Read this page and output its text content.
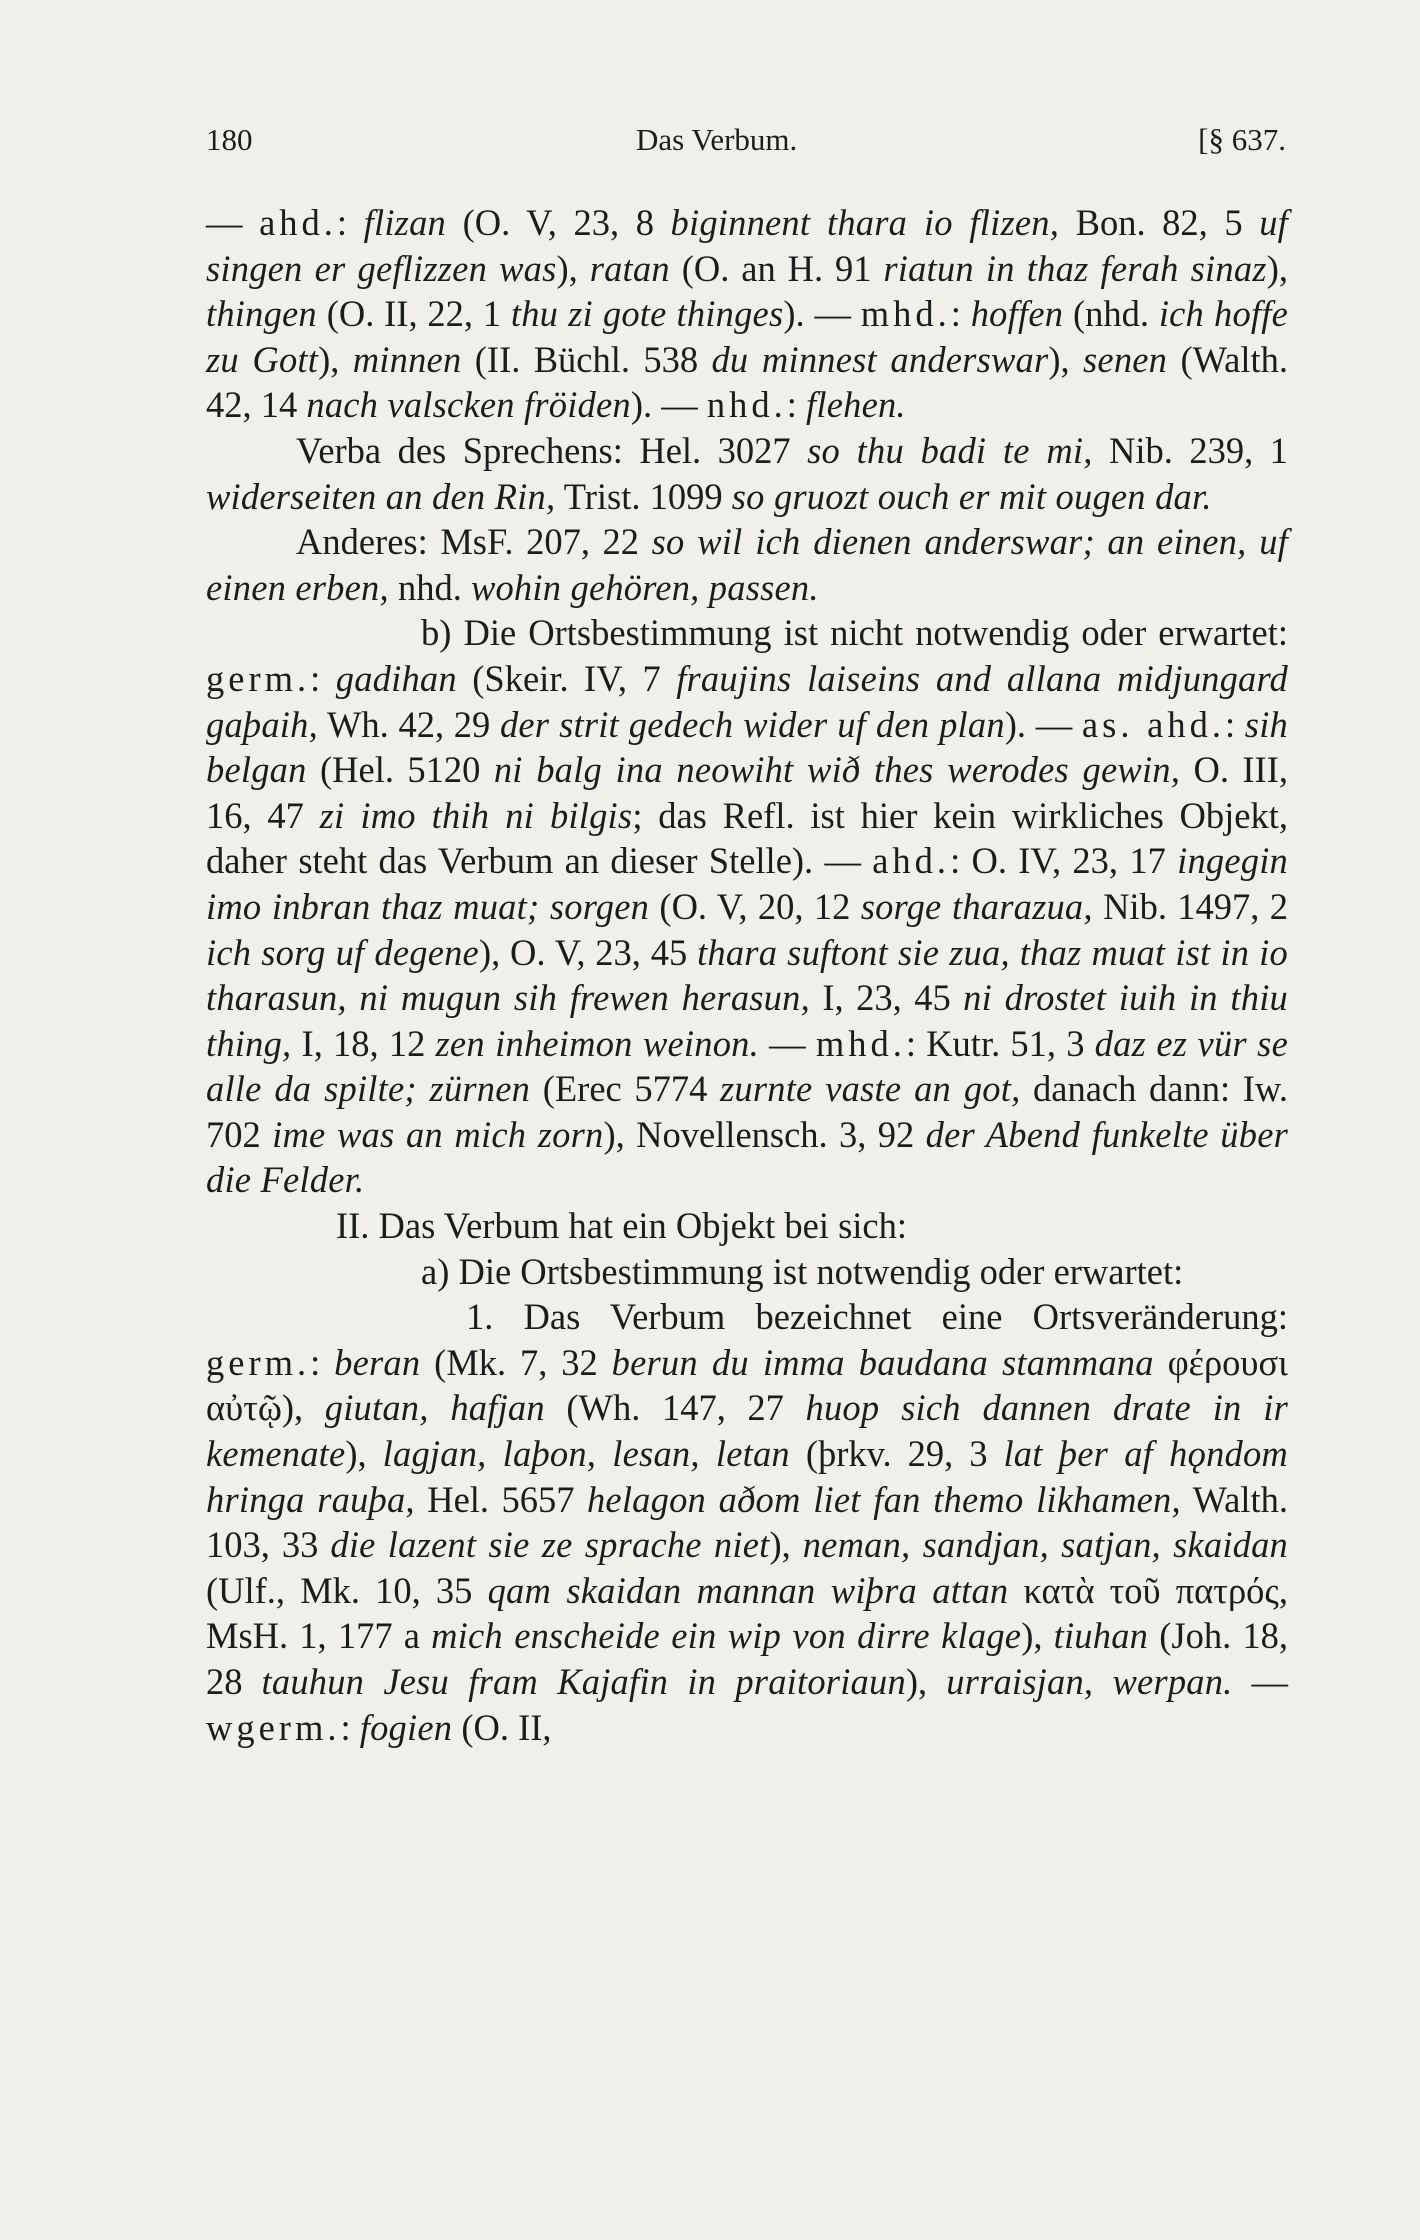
180	Das Verbum.	[§ 637.

— ahd.: flizan (O. V, 23, 8 biginnent thara io flizen, Bon. 82, 5 uf singen er geflizzen was), ratan (O. an H. 91 riatun in thaz ferah sinaz), thingen (O. II, 22, 1 thu zi gote thinges). — mhd.: hoffen (nhd. ich hoffe zu Gott), minnen (II. Büchl. 538 du minnest anderswar), senen (Walth. 42, 14 nach valscken fröiden). — nhd.: flehen.

Verba des Sprechens: Hel. 3027 so thu badi te mi, Nib. 239, 1 widerseiten an den Rin, Trist. 1099 so gruozt ouch er mit ougen dar.

Anderes: MsF. 207, 22 so wil ich dienen anderswar; an einen, uf einen erben, nhd. wohin gehören, passen.

b) Die Ortsbestimmung ist nicht notwendig oder erwartet: germ.: gadihan (Skeir. IV, 7 fraujins laiseins and allana midjungard gaþaih, Wh. 42, 29 der strit gedech wider uf den plan). — as. ahd.: sih belgan (Hel. 5120 ni balg ina neowiht wið thes werodes gewin, O. III, 16, 47 zi imo thih ni bilgis; das Refl. ist hier kein wirkliches Objekt, daher steht das Verbum an dieser Stelle). — ahd.: O. IV, 23, 17 ingegin imo inbran thaz muat; sorgen (O. V, 20, 12 sorge tharazua, Nib. 1497, 2 ich sorg uf degene), O. V, 23, 45 thara suftont sie zua, thaz muat ist in io tharasun, ni mugun sih frewen herasun, I, 23, 45 ni drostet iuih in thiu thing, I, 18, 12 zen inheimon weinon. — mhd.: Kutr. 51, 3 daz ez vür se alle da spilte; zürnen (Erec 5774 zurnte vaste an got, danach dann: Iw. 702 ime was an mich zorn), Novellensch. 3, 92 der Abend funkelte über die Felder.

II. Das Verbum hat ein Objekt bei sich:

a) Die Ortsbestimmung ist notwendig oder erwartet:

1. Das Verbum bezeichnet eine Ortsveränderung: germ.: beran (Mk. 7, 32 berun du imma baudana stammana φέρουσι αὐτῷ), giutan, hafjan (Wh. 147, 27 huop sich dannen drate in ir kemenate), lagjan, laþon, lesan, letan (þrkv. 29, 3 lat þer af hǫndom hringa rauþa, Hel. 5657 helagon aðom liet fan themo likhamen, Walth. 103, 33 die lazent sie ze sprache niet), neman, sandjan, satjan, skaidan (Ulf., Mk. 10, 35 qam skaidan mannan wiþra attan κατὰ τοῦ πατρός, MsH. 1, 177 a mich enscheide ein wip von dirre klage), tiuhan (Joh. 18, 28 tauhun Jesu fram Kajafin in praitoriaun), urraisjan, werpan. — wgerm.: fogien (O. II,
